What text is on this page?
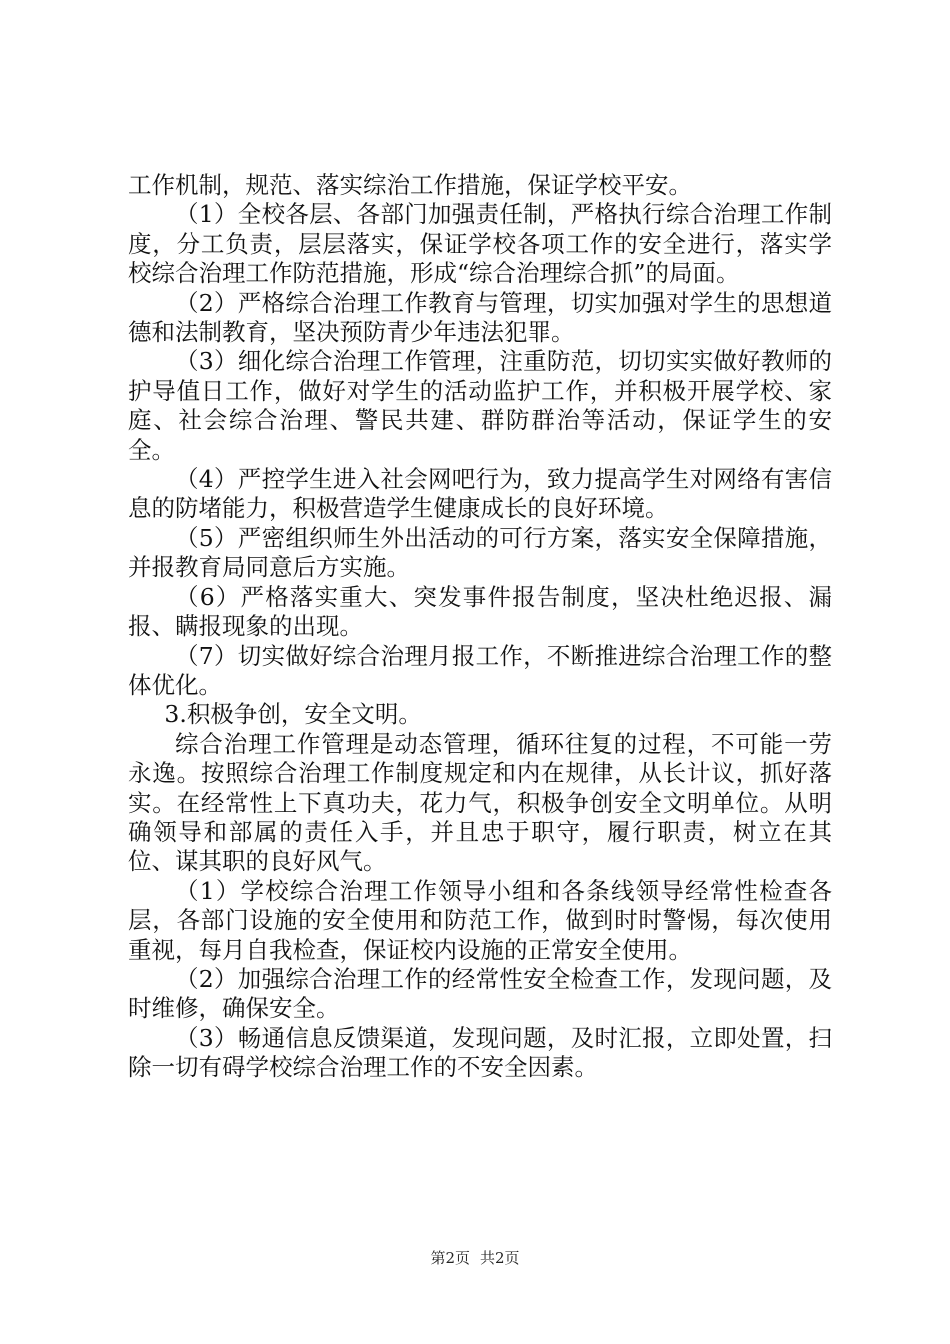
工作机制，规范、落实综治工作措施，保证学校平安。

（1）全校各层、各部门加强责任制，严格执行综合治理工作制度，分工负责，层层落实，保证学校各项工作的安全进行，落实学校综合治理工作防范措施，形成“综合治理综合抓”的局面。

（2）严格综合治理工作教育与管理，切实加强对学生的思想道德和法制教育，坚决预防青少年违法犯罪。

（3）细化综合治理工作管理，注重防范，切切实实做好教师的护导值日工作，做好对学生的活动监护工作，并积极开展学校、家庭、社会综合治理、警民共建、群防群治等活动，保证学生的安全。

（4）严控学生进入社会网吧行为，致力提高学生对网络有害信息的防堵能力，积极营造学生健康成长的良好环境。

（5）严密组织师生外出活动的可行方案，落实安全保障措施，并报教育局同意后方实施。

（6）严格落实重大、突发事件报告制度，坚决杜绝迟报、漏报、瞒报现象的出现。

（7）切实做好综合治理月报工作，不断推进综合治理工作的整体优化。

3.积极争创，安全文明。

综合治理工作管理是动态管理，循环往复的过程，不可能一劳永逸。按照综合治理工作制度规定和内在规律，从长计议，抓好落实。在经常性上下真功夫，花力气，积极争创安全文明单位。从明确领导和部属的责任入手，并且忠于职守，履行职责，树立在其位、谋其职的良好风气。

（1）学校综合治理工作领导小组和各条线领导经常性检查各层，各部门设施的安全使用和防范工作，做到时时警惕，每次使用重视，每月自我检查，保证校内设施的正常安全使用。

（2）加强综合治理工作的经常性安全检查工作，发现问题，及时维修，确保安全。

（3）畅通信息反馈渠道，发现问题，及时汇报，立即处置，扫除一切有碍学校综合治理工作的不安全因素。

第2页 共2页
